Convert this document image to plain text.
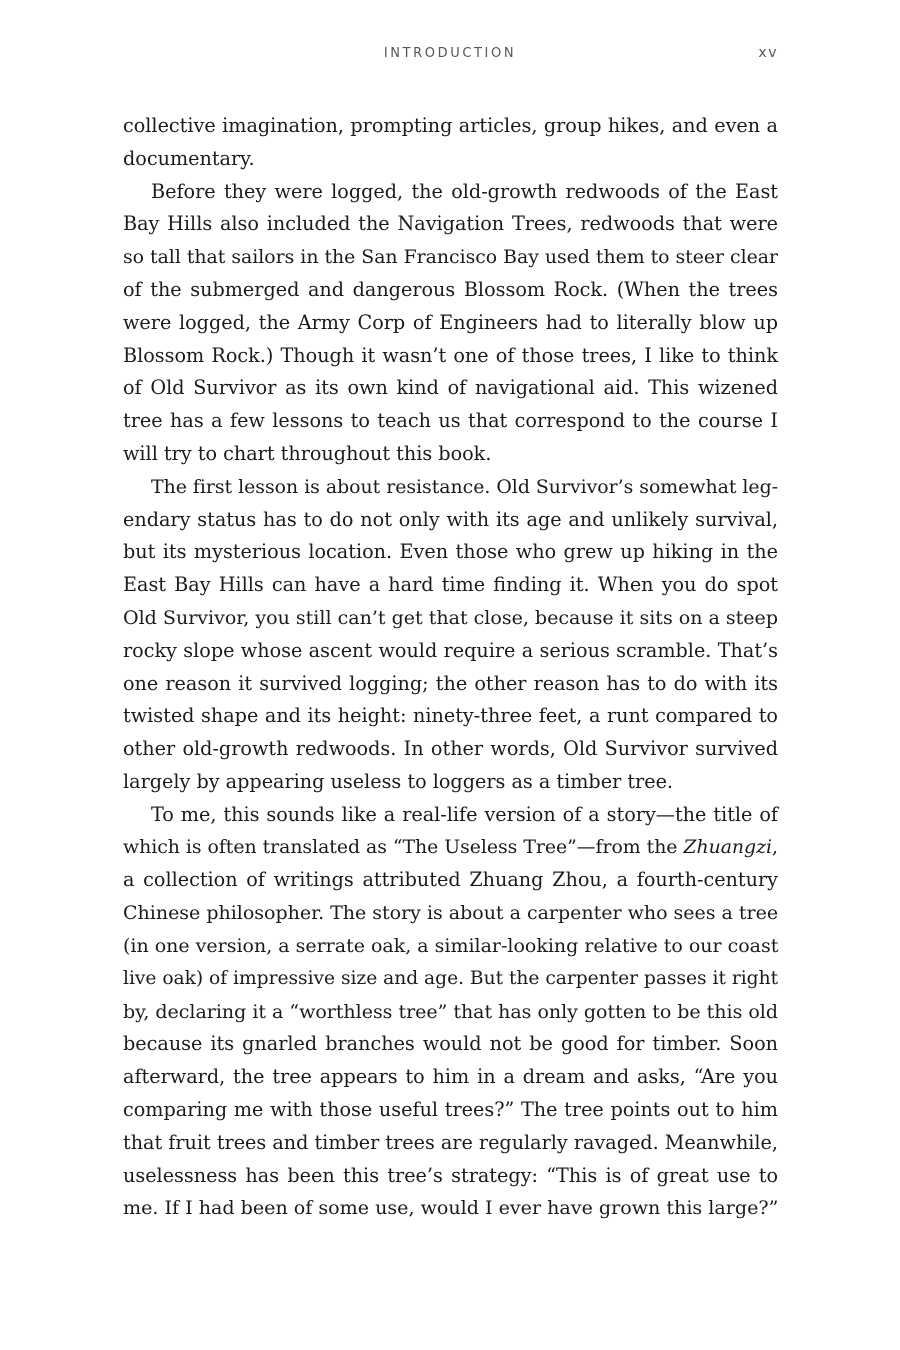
INTRODUCTION	xv
collective imagination, prompting articles, group hikes, and even a
documentary.
Before they were logged, the old-growth redwoods of the East
Bay Hills also included the Navigation Trees, redwoods that were
so tall that sailors in the San Francisco Bay used them to steer clear
of the submerged and dangerous Blossom Rock. (When the trees
were logged, the Army Corp of Engineers had to literally blow up
Blossom Rock.) Though it wasn’t one of those trees, I like to think
of Old Survivor as its own kind of navigational aid. This wizened
tree has a few lessons to teach us that correspond to the course I
will try to chart throughout this book.
The first lesson is about resistance. Old Survivor’s somewhat leg-
endary status has to do not only with its age and unlikely survival,
but its mysterious location. Even those who grew up hiking in the
East Bay Hills can have a hard time finding it. When you do spot
Old Survivor, you still can’t get that close, because it sits on a steep
rocky slope whose ascent would require a serious scramble. That’s
one reason it survived logging; the other reason has to do with its
twisted shape and its height: ninety-three feet, a runt compared to
other old-growth redwoods. In other words, Old Survivor survived
largely by appearing useless to loggers as a timber tree.
To me, this sounds like a real-life version of a story—the title of
which is often translated as “The Useless Tree”—from the Zhuangzi,
a collection of writings attributed Zhuang Zhou, a fourth-century
Chinese philosopher. The story is about a carpenter who sees a tree
(in one version, a serrate oak, a similar-looking relative to our coast
live oak) of impressive size and age. But the carpenter passes it right
by, declaring it a “worthless tree” that has only gotten to be this old
because its gnarled branches would not be good for timber. Soon
afterward, the tree appears to him in a dream and asks, “Are you
comparing me with those useful trees?” The tree points out to him
that fruit trees and timber trees are regularly ravaged. Meanwhile,
uselessness has been this tree’s strategy: “This is of great use to
me. If I had been of some use, would I ever have grown this large?”
